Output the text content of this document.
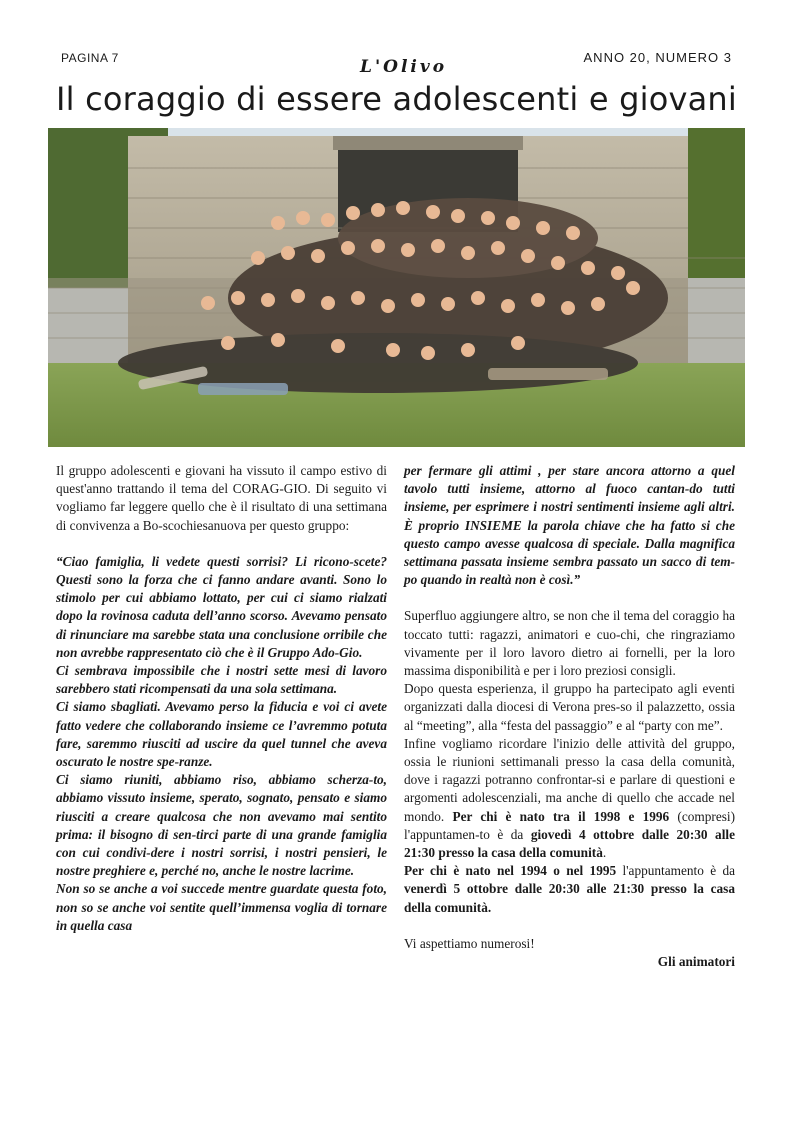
PAGINA 7	L'Olivo	ANNO 20, NUMERO 3
Il coraggio di essere adolescenti e giovani

Il gruppo adolescenti e giovani ha vissuto il campo estivo di quest'anno trattando il tema del CORAG-GIO. Di seguito vi vogliamo far leggere quello che è il risultato di una settimana di convivenza a Bo-scochiesanuova per questo gruppo:

“Ciao famiglia, li vedete questi sorrisi? Li ricono-scete? Questi sono la forza che ci fanno andare avanti. Sono lo stimolo per cui abbiamo lottato, per cui ci siamo rialzati dopo la rovinosa caduta dell’anno scorso. Avevamo pensato di rinunciare ma sarebbe stata una conclusione orribile che non avrebbe rappresentato ciò che è il Gruppo Ado-Gio.

Ci sembrava impossibile che i nostri sette mesi di lavoro sarebbero stati ricompensati da una sola settimana.

Ci siamo sbagliati. Avevamo perso la fiducia e voi ci avete fatto vedere che collaborando insieme ce l’avremmo potuta fare, saremmo riusciti ad uscire da quel tunnel che aveva oscurato le nostre spe-ranze.

Ci siamo riuniti, abbiamo riso, abbiamo scherza-to, abbiamo vissuto insieme, sperato, sognato, pensato e siamo riusciti a creare qualcosa che non avevamo mai sentito prima: il bisogno di sen-tirci parte di una grande famiglia con cui condivi-dere i nostri sorrisi, i nostri pensieri, le nostre preghiere e, perché no, anche le nostre lacrime.

Non so se anche a voi succede mentre guardate questa foto, non so se anche voi sentite quell’immensa voglia di tornare in quella casa

per fermare gli attimi , per stare ancora attorno a quel tavolo tutti insieme, attorno al fuoco cantan-do tutti insieme, per esprimere i nostri sentimenti insieme agli altri. È proprio INSIEME la parola chiave che ha fatto si che questo campo avesse qualcosa di speciale. Dalla magnifica settimana passata insieme sembra passato un sacco di tem-po quando in realtà non è così.”

Superfluo aggiungere altro, se non che il tema del coraggio ha toccato tutti: ragazzi, animatori e cuo-chi, che ringraziamo vivamente per il loro lavoro dietro ai fornelli, per la loro massima disponibilità e per i loro preziosi consigli.

Dopo questa esperienza, il gruppo ha partecipato agli eventi organizzati dalla diocesi di Verona pres-so il palazzetto, ossia al “meeting”, alla “festa del passaggio” e al “party con me”.

Infine vogliamo ricordare l'inizio delle attività del gruppo, ossia le riunioni settimanali presso la casa della comunità, dove i ragazzi potranno confrontar-si e parlare di questioni e argomenti adolescenziali, ma anche di quello che accade nel mondo. Per chi è nato tra il 1998 e 1996 (compresi) l'appuntamen-to è da giovedì 4 ottobre dalle 20:30 alle 21:30 presso la casa della comunità.

Per chi è nato nel 1994 o nel 1995 l'appuntamento è da venerdì 5 ottobre dalle 20:30 alle 21:30 presso la casa della comunità.

Vi aspettiamo numerosi!

Gli animatori
